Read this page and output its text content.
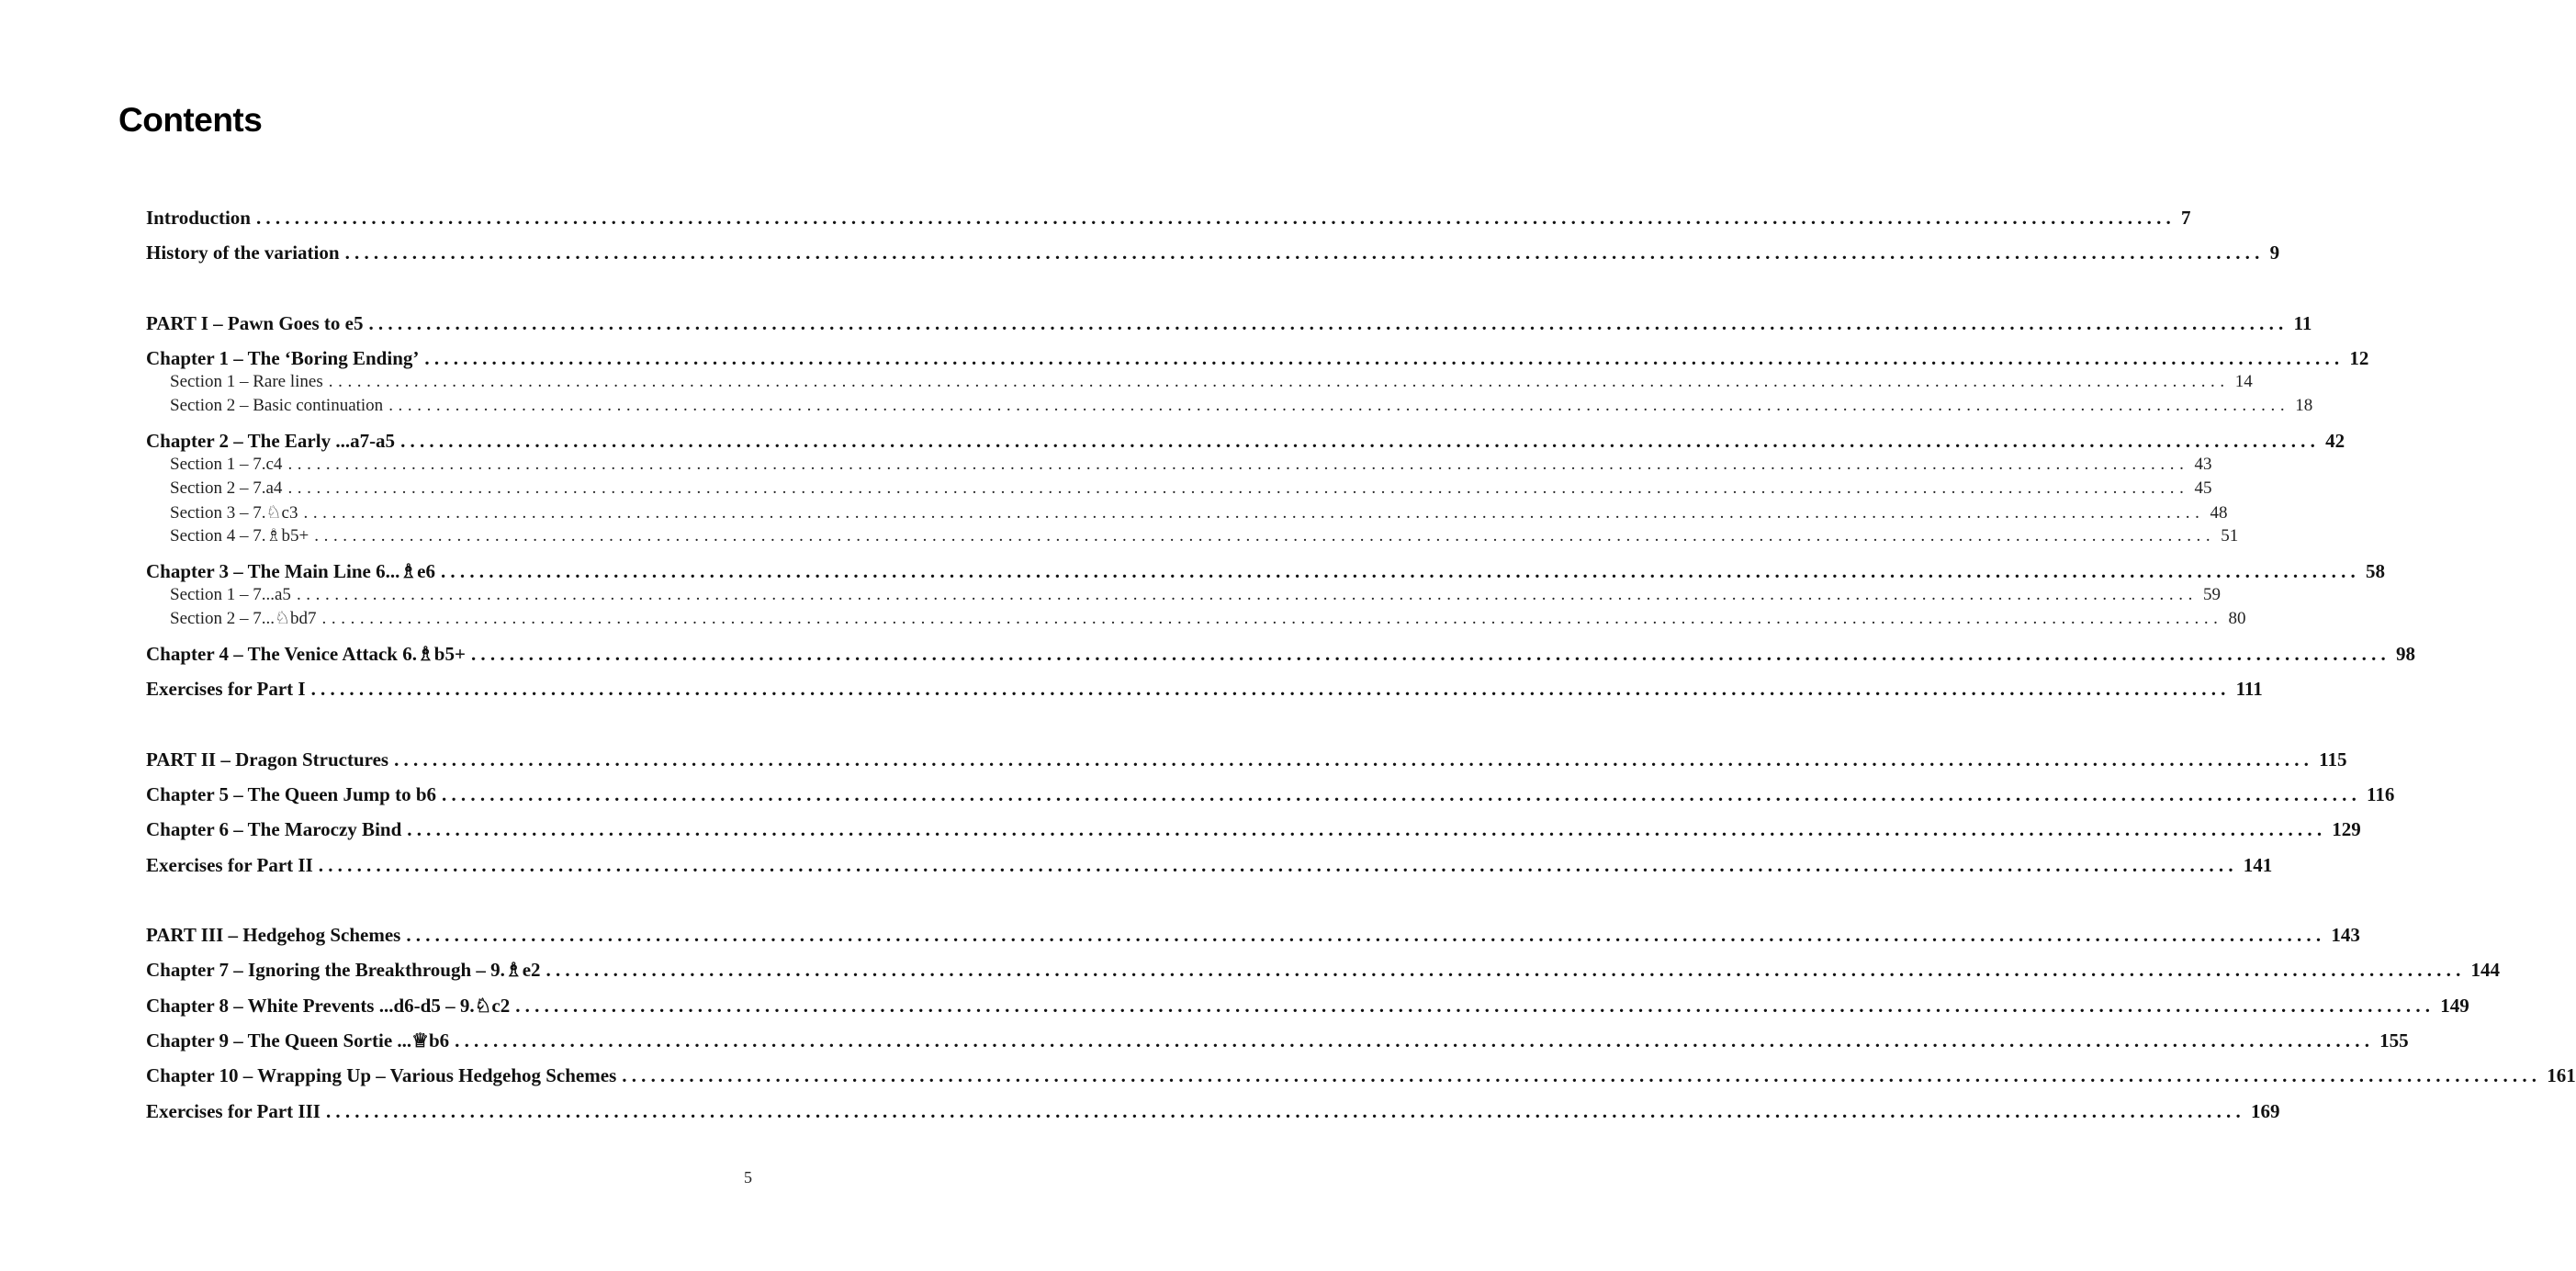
Contents
Introduction ........................................................................................................................................................................................................ 7
History of the variation ........................................................................................................................................................................................................ 9
PART I – Pawn Goes to e5 ........................................................................................................................................................................................................ 11
Chapter 1 – The ‘Boring Ending’ ........................................................................................................................................................................................................ 12
Section 1 – Rare lines ........................................................................................................................................................................................................ 14
Section 2 – Basic continuation ........................................................................................................................................................................................................ 18
Chapter 2 – The Early ...a7-a5 ........................................................................................................................................................................................................ 42
Section 1 – 7.c4 ........................................................................................................................................................................................................ 43
Section 2 – 7.a4 ........................................................................................................................................................................................................ 45
Section 3 – 7.♘c3 ........................................................................................................................................................................................................ 48
Section 4 – 7.♗b5+ ........................................................................................................................................................................................................ 51
Chapter 3 – The Main Line 6...♗e6 ........................................................................................................................................................................................................ 58
Section 1 – 7...a5 ........................................................................................................................................................................................................ 59
Section 2 – 7...♘bd7 ........................................................................................................................................................................................................ 80
Chapter 4 – The Venice Attack 6.♗b5+ ........................................................................................................................................................................................................ 98
Exercises for Part I ........................................................................................................................................................................................................ 111
PART II – Dragon Structures ........................................................................................................................................................................................................ 115
Chapter 5 – The Queen Jump to b6 ........................................................................................................................................................................................................ 116
Chapter 6 – The Maroczy Bind ........................................................................................................................................................................................................ 129
Exercises for Part II ........................................................................................................................................................................................................ 141
PART III – Hedgehog Schemes ........................................................................................................................................................................................................ 143
Chapter 7 – Ignoring the Breakthrough – 9.♗e2 ........................................................................................................................................................................................................ 144
Chapter 8 – White Prevents ...d6-d5 – 9.♘c2 ........................................................................................................................................................................................................ 149
Chapter 9 – The Queen Sortie ...♕b6 ........................................................................................................................................................................................................ 155
Chapter 10 – Wrapping Up – Various Hedgehog Schemes ........................................................................................................................................................................................................ 161
Exercises for Part III ........................................................................................................................................................................................................ 169
5
